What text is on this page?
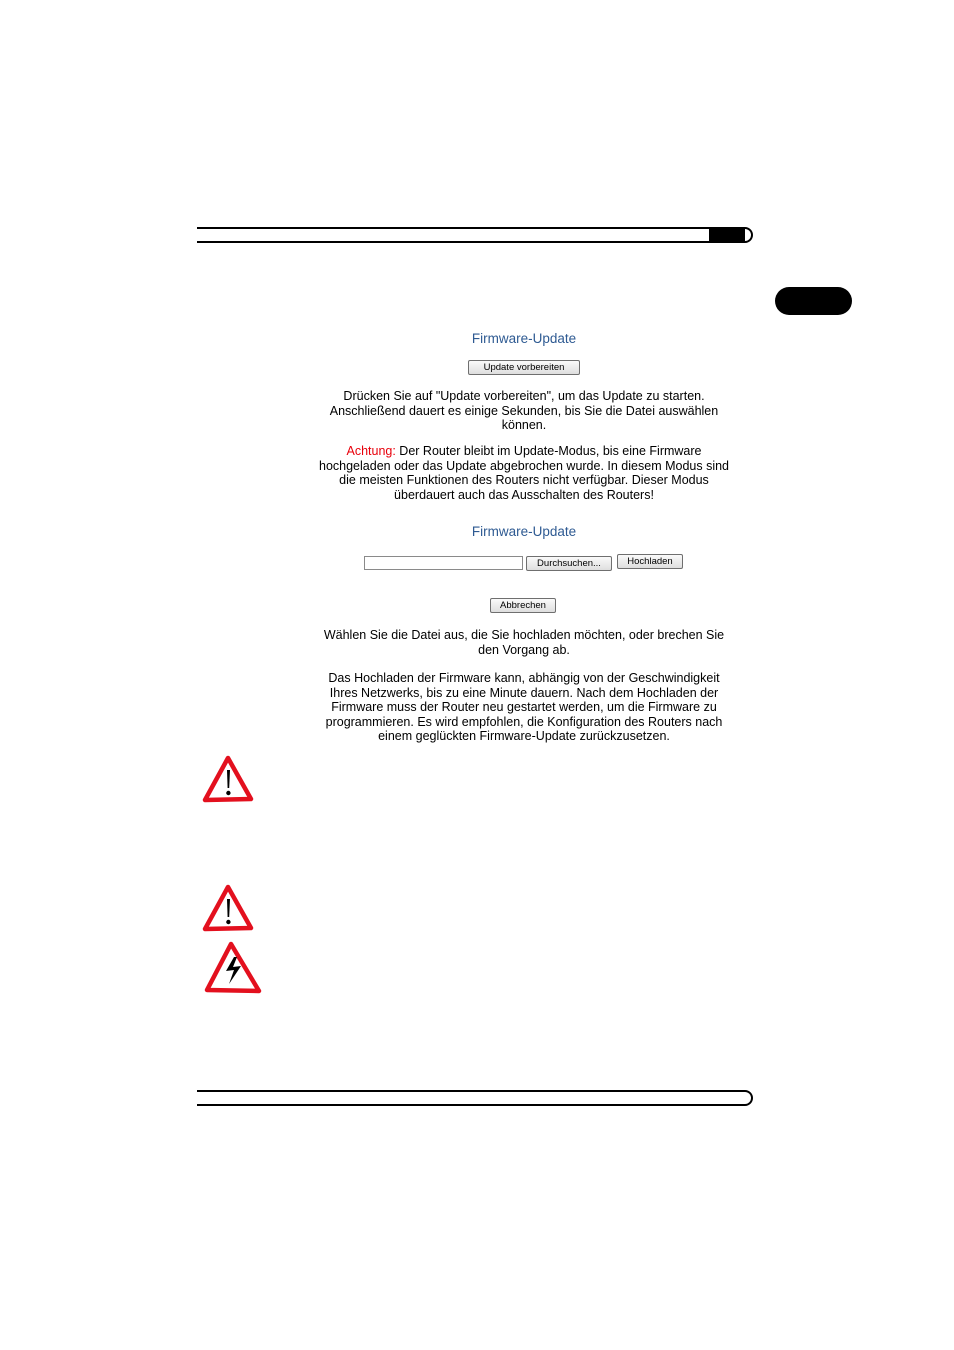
Firmware-Update
Update vorbereiten
Drücken Sie auf "Update vorbereiten", um das Update zu starten.
Anschließend dauert es einige Sekunden, bis Sie die Datei auswählen
können.
Achtung: Der Router bleibt im Update-Modus, bis eine Firmware
hochgeladen oder das Update abgebrochen wurde. In diesem Modus sind
die meisten Funktionen des Routers nicht verfügbar. Dieser Modus
überdauert auch das Ausschalten des Routers!
Firmware-Update
Durchsuchen...	Hochladen
Abbrechen
Wählen Sie die Datei aus, die Sie hochladen möchten, oder brechen Sie
den Vorgang ab.
Das Hochladen der Firmware kann, abhängig von der Geschwindigkeit
Ihres Netzwerks, bis zu eine Minute dauern. Nach dem Hochladen der
Firmware muss der Router neu gestartet werden, um die Firmware zu
programmieren. Es wird empfohlen, die Konfiguration des Routers nach
einem geglückten Firmware-Update zurückzusetzen.
